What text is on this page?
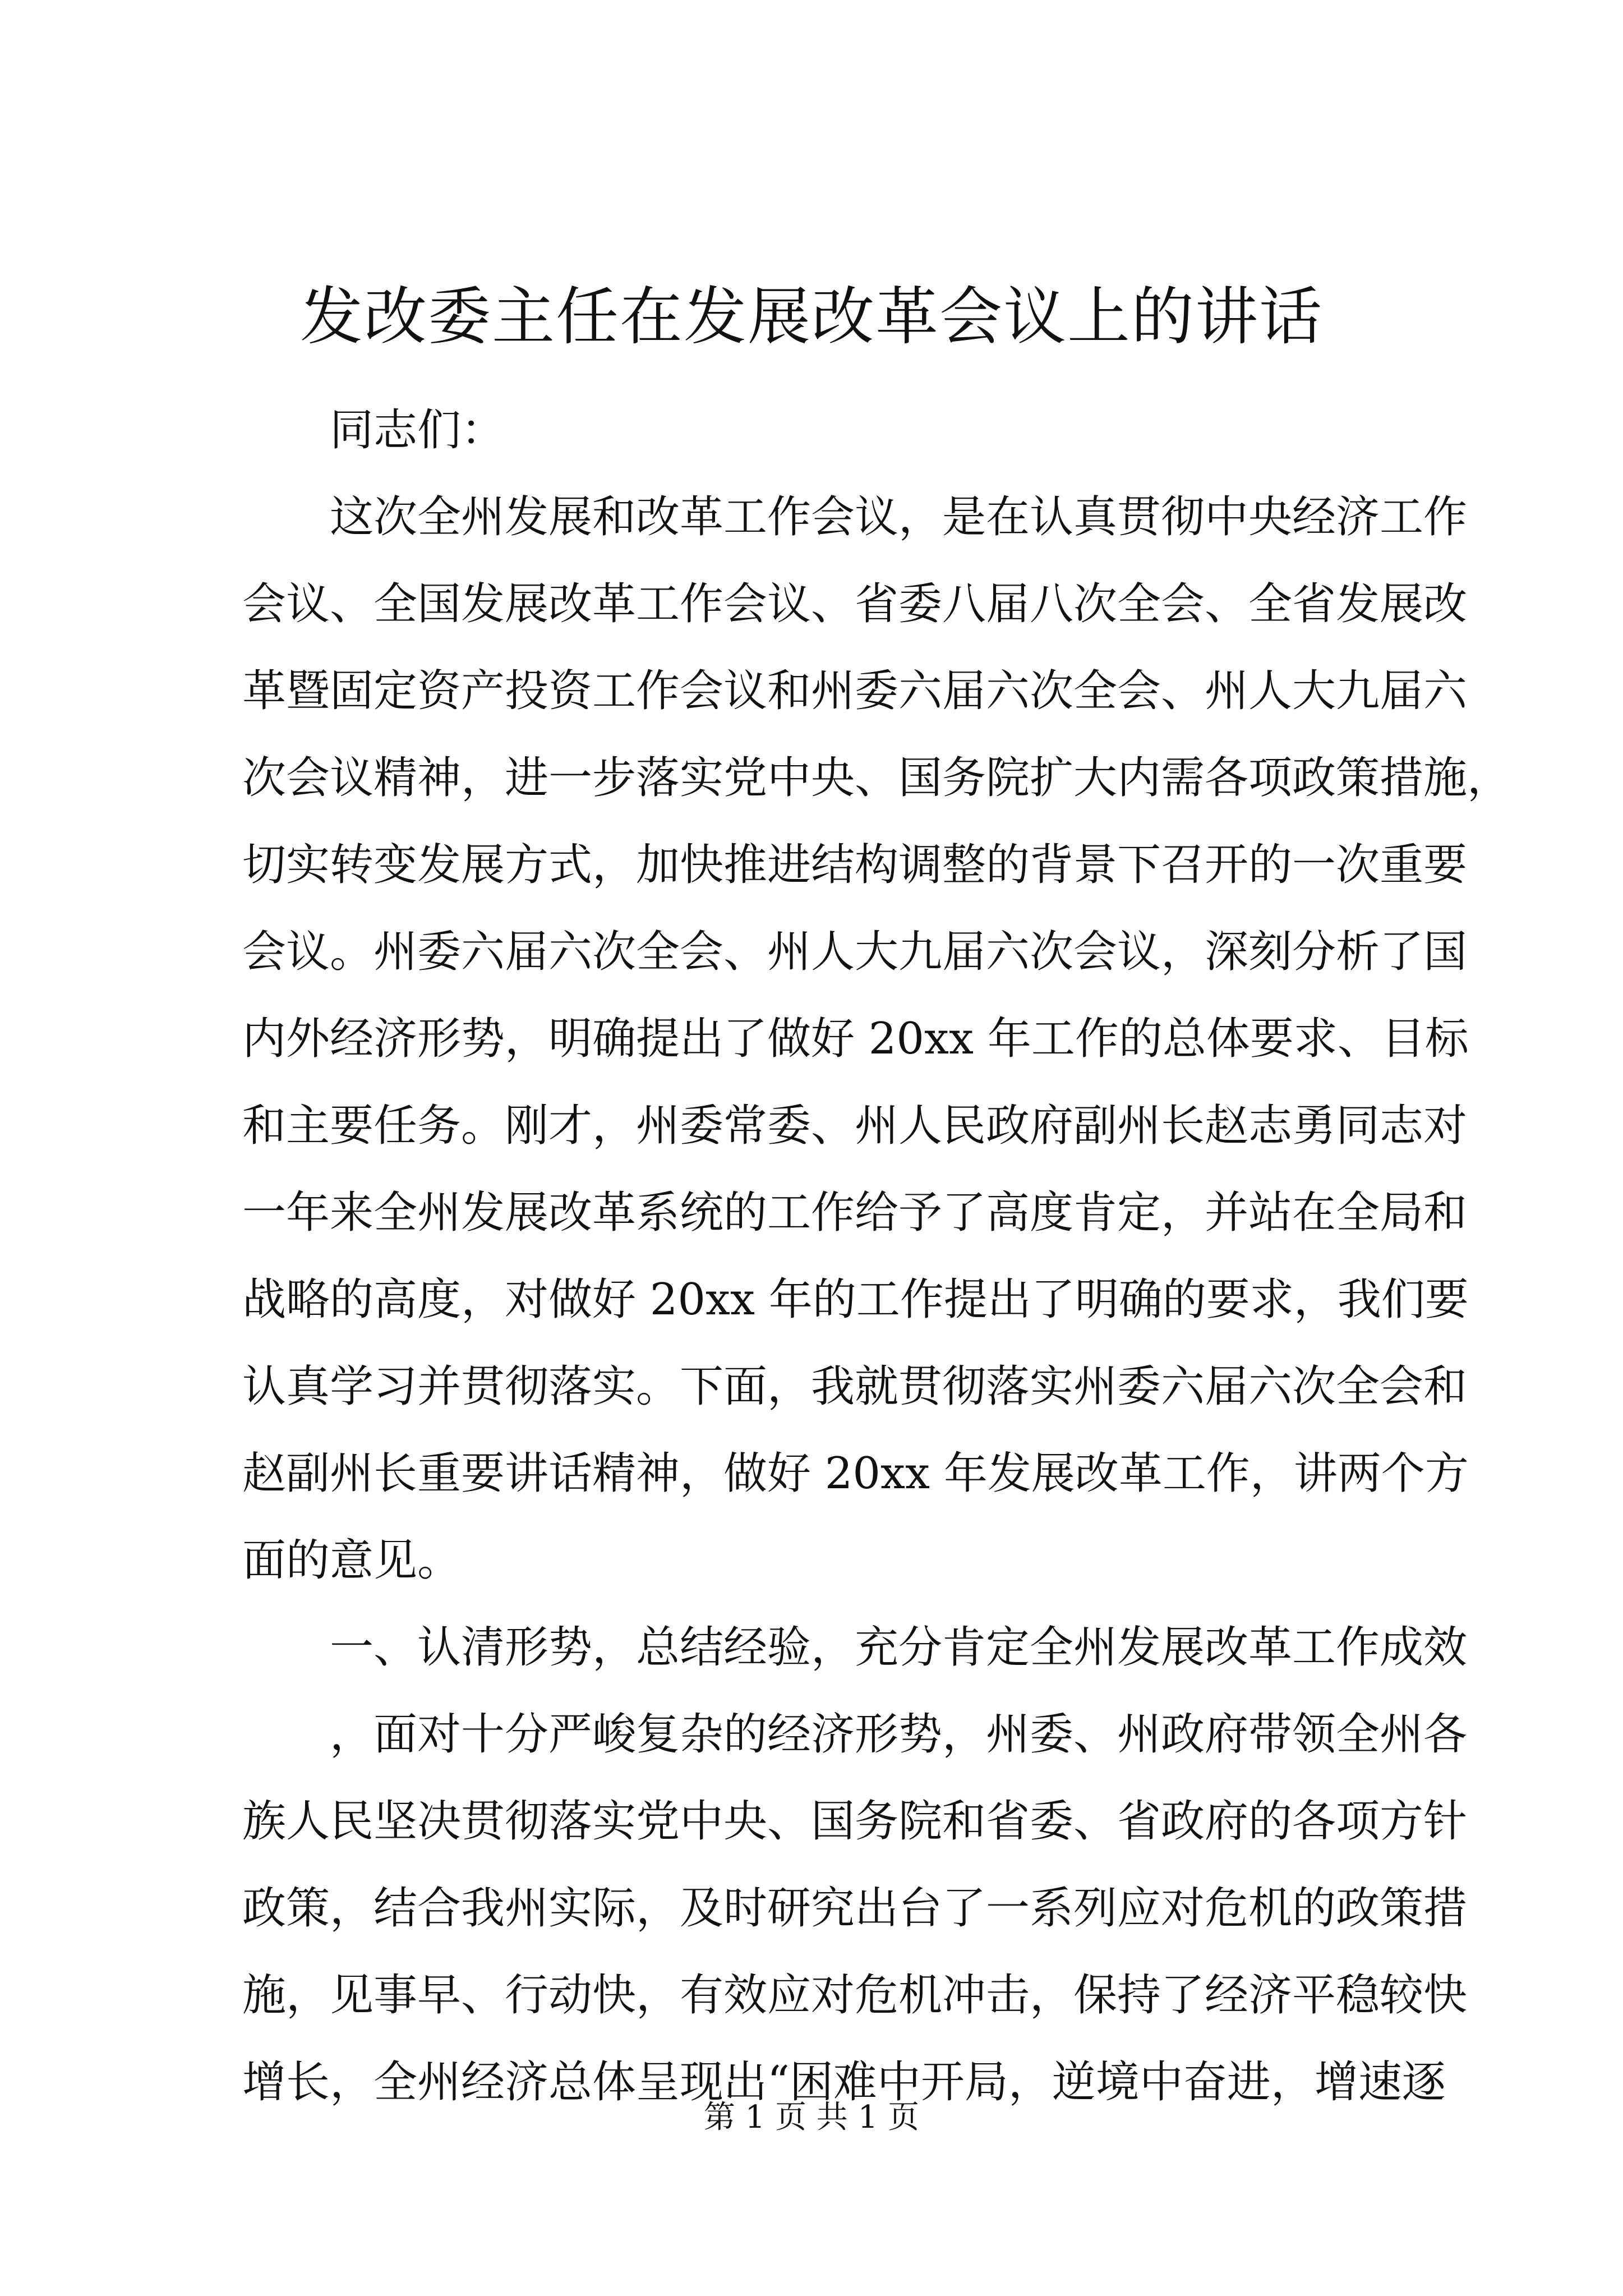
发改委主任在发展改革会议上的讲话
同志们：
这次全州发展和改革工作会议，是在认真贯彻中央经济工作
会议、全国发展改革工作会议、省委八届八次全会、全省发展改
革暨固定资产投资工作会议和州委六届六次全会、州人大九届六
次会议精神，进一步落实党中央、国务院扩大内需各项政策措施，
切实转变发展方式，加快推进结构调整的背景下召开的一次重要
会议。州委六届六次全会、州人大九届六次会议，深刻分析了国
内外经济形势，明确提出了做好 20xx 年工作的总体要求、目标
和主要任务。刚才，州委常委、州人民政府副州长赵志勇同志对
一年来全州发展改革系统的工作给予了高度肯定，并站在全局和
战略的高度，对做好 20xx 年的工作提出了明确的要求，我们要
认真学习并贯彻落实。下面，我就贯彻落实州委六届六次全会和
赵副州长重要讲话精神，做好 20xx 年发展改革工作，讲两个方
面的意见。
一、认清形势，总结经验，充分肯定全州发展改革工作成效
，面对十分严峻复杂的经济形势，州委、州政府带领全州各
族人民坚决贯彻落实党中央、国务院和省委、省政府的各项方针
政策，结合我州实际，及时研究出台了一系列应对危机的政策措
施，见事早、行动快，有效应对危机冲击，保持了经济平稳较快
增长，全州经济总体呈现出“困难中开局，逆境中奋进，增速逐
第 1 页 共 1 页
